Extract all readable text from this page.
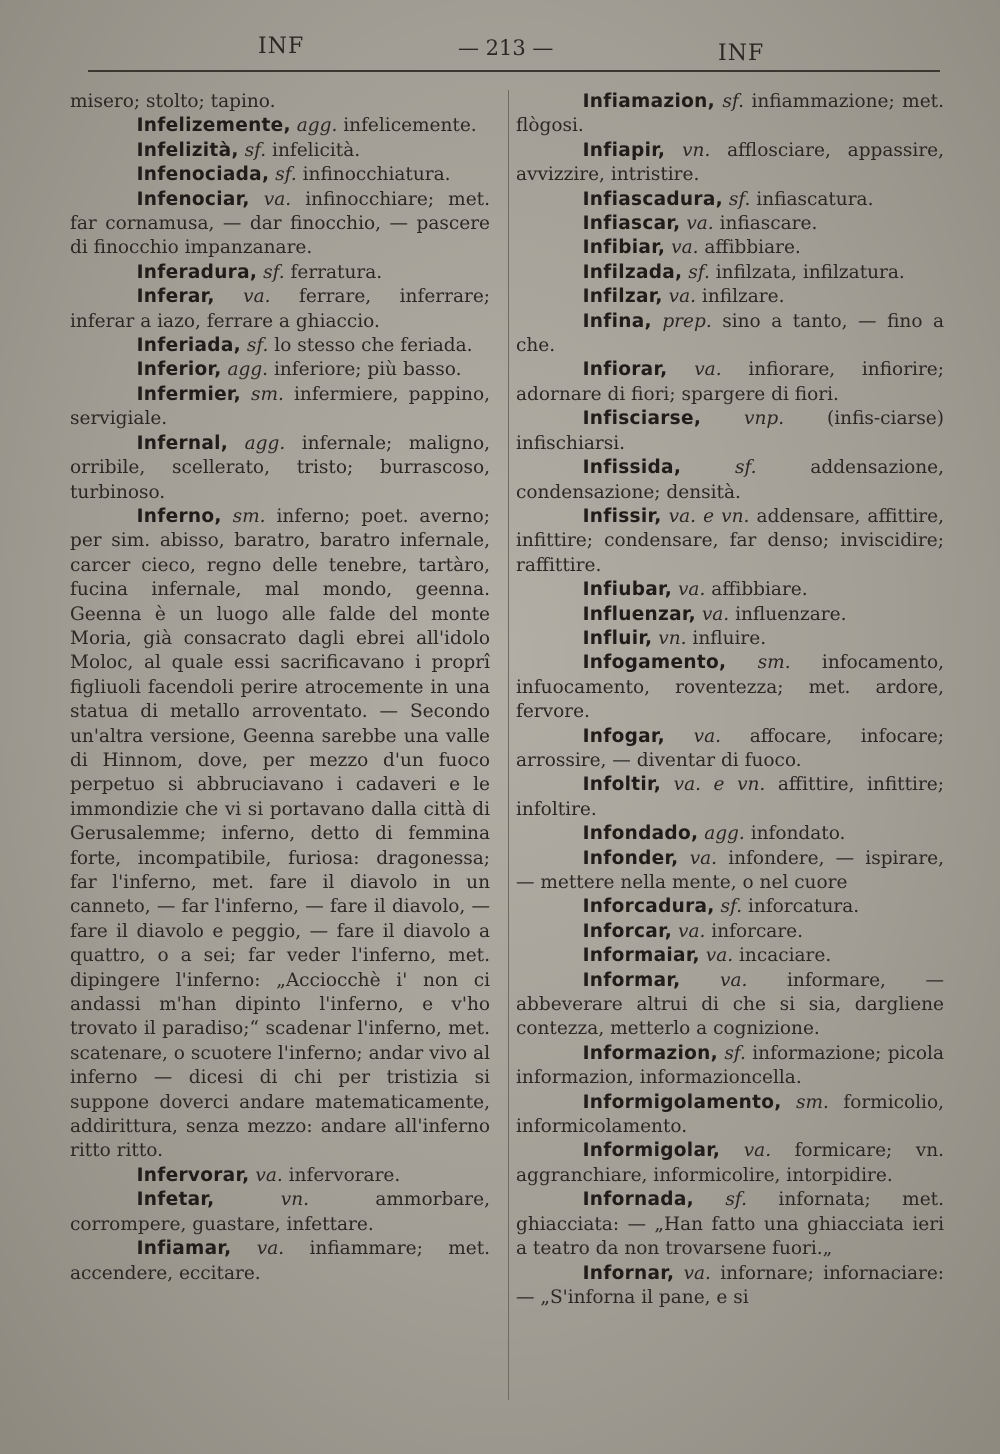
INF	— 213 —	INF

misero; stolto; tapino.

Infelizemente, agg. infelicemente.

Infelizità, sf. infelicità.

Infenociada, sf. infinocchiatura.

Infenociar, va. infinocchiare; met. far cornamusa, — dar finocchio, — pascere di finocchio impanzanare.

Inferadura, sf. ferratura.

Inferar, va. ferrare, inferrare; inferar a iazo, ferrare a ghiaccio.

Inferiada, sf. lo stesso che feriada.

Inferior, agg. inferiore; più basso.

Infermier, sm. infermiere, pappino, servigiale.

Infernal, agg. infernale; maligno, orribile, scellerato, tristo; burrascoso, turbinoso.

Inferno, sm. inferno; poet. averno; per sim. abisso, baratro, baratro infernale, carcer cieco, regno delle tenebre, tartàro, fucina infernale, mal mondo, geenna. Geenna è un luogo alle falde del monte Moria, già consacrato dagli ebrei all'idolo Moloc, al quale essi sacrificavano i proprî figliuoli facendoli perire atrocemente in una statua di metallo arroventato. — Secondo un'altra versione, Geenna sarebbe una valle di Hinnom, dove, per mezzo d'un fuoco perpetuo si abbruciavano i cadaveri e le immondizie che vi si portavano dalla città di Gerusalemme; inferno, detto di femmina forte, incompatibile, furiosa: dragonessa; far l'inferno, met. fare il diavolo in un canneto, — far l'inferno, — fare il diavolo, — fare il diavolo e peggio, — fare il diavolo a quattro, o a sei; far veder l'inferno, met. dipingere l'inferno: „Acciocchè i' non ci andassi m'han dipinto l'inferno, e v'ho trovato il paradiso;“ scadenar l'inferno, met. scatenare, o scuotere l'inferno; andar vivo al inferno — dicesi di chi per tristizia si suppone doverci andare matematicamente, addirittura, senza mezzo: andare all'inferno ritto ritto.

Infervorar, va. infervorare.

Infetar,	vn.	ammorbare, corrompere, guastare, infettare.

Infiamar, va. infiammare; met. accendere, eccitare.

Infiamazion, sf. infiammazione; met. flògosi.

Infiapir, vn. afflosciare, appassire, avvizzire, intristire.

Infiascadura, sf. infiascatura.

Infiascar, va. infiascare.

Infibiar, va. affibbiare.

Infilzada, sf. infilzata, infilzatura.

Infilzar, va. infilzare.

Infina, prep. sino a tanto, — fino a che.

Infiorar, va. infiorare, infiorire; adornare di fiori; spargere di fiori.

Infisciarse, vnp. (infis-ciarse) infischiarsi.

Infissida,	sf.	addensazione, condensazione; densità.

Infissir, va. e vn. addensare, affittire, infittire; condensare, far denso; inviscidire; raffittire.

Infiubar, va. affibbiare.

Influenzar, va. influenzare.

Influir, vn. influire.

Infogamento, sm. infocamento, infuocamento, roventezza; met. ardore, fervore.

Infogar, va. affocare, infocare; arrossire, — diventar di fuoco.

Infoltir, va. e vn. affittire, infittire; infoltire.

Infondado, agg. infondato.

Infonder, va. infondere, — ispirare, — mettere nella mente, o nel cuore

Inforcadura, sf. inforcatura.

Inforcar, va. inforcare.

Informaiar, va. incaciare.

Informar, va. informare, — abbeverare altrui di che si sia, dargliene contezza, metterlo a cognizione.

Informazion, sf. informazione; picola informazion, informazioncella.

Informigolamento, sm. formicolio, informicolamento.

Informigolar, va. formicare; vn. aggranchiare, informicolire, intorpidire.

Infornada, sf. infornata; met. ghiacciata: — „Han fatto una ghiacciata ieri a teatro da non trovarsene fuori.„

Infornar, va. infornare; infornaciare: — „S'inforna il pane, e si
